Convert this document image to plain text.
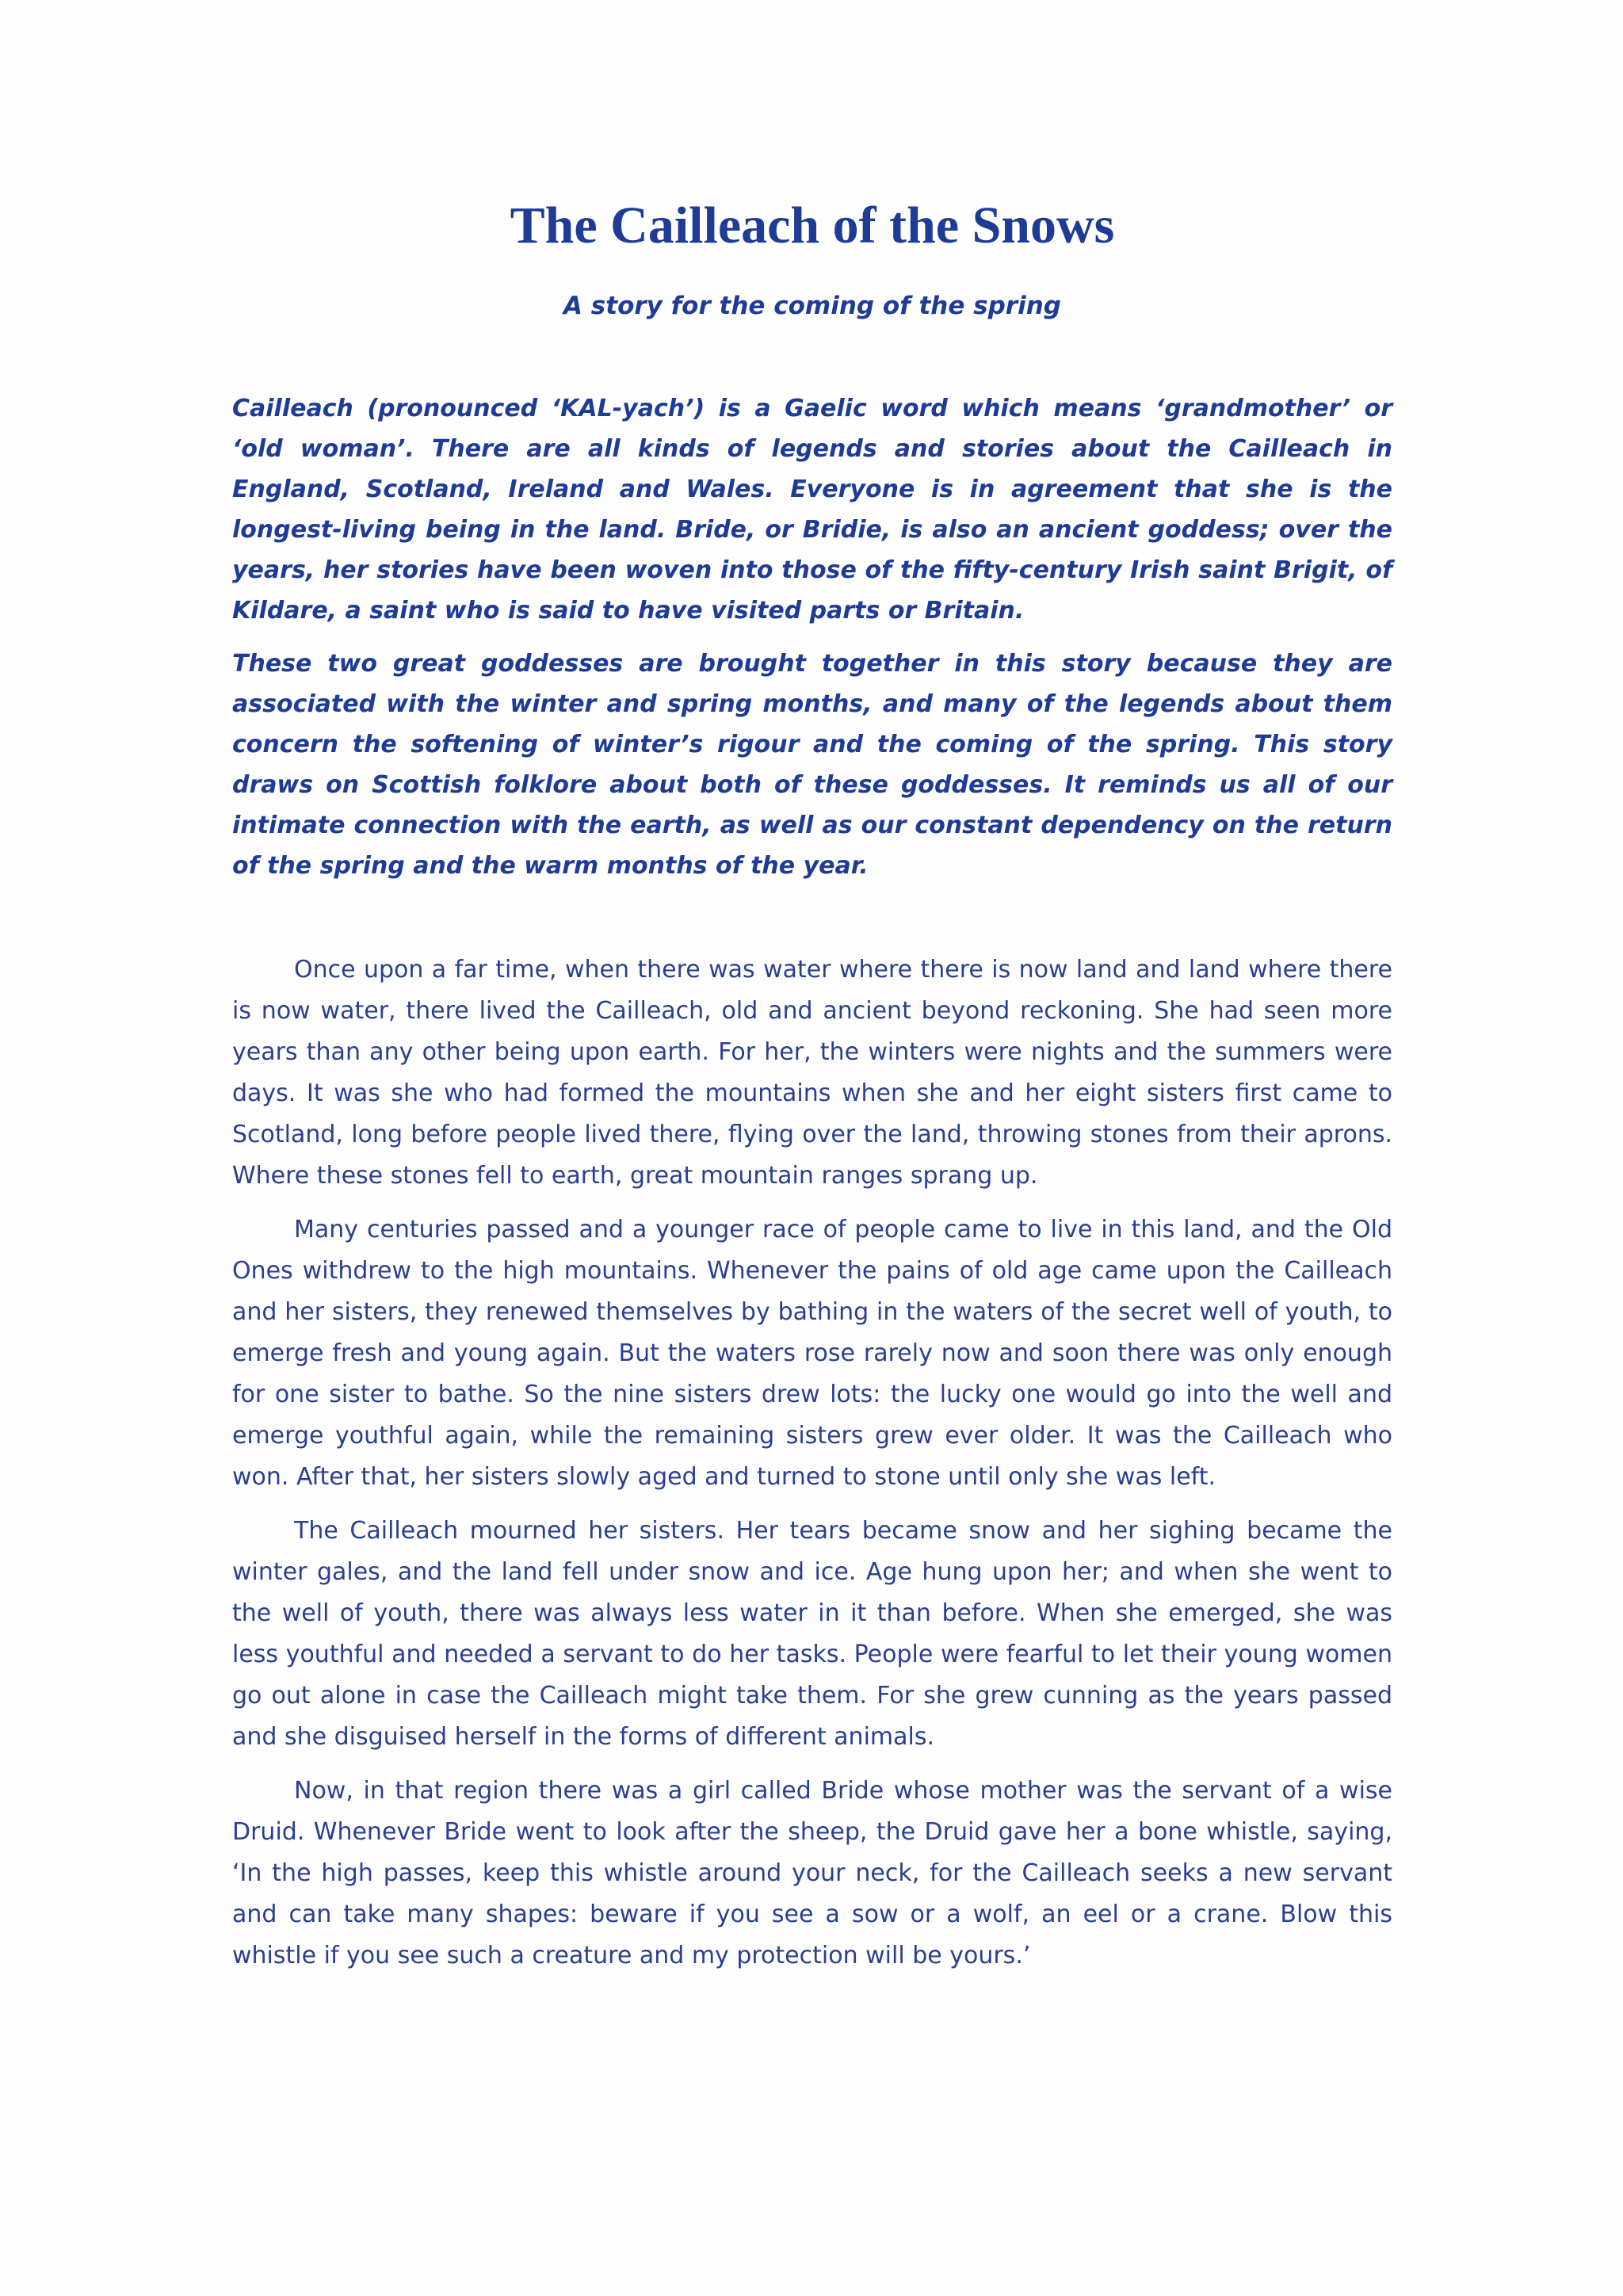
The Cailleach of the Snows
A story for the coming of the spring

Cailleach (pronounced ‘KAL-yach’) is a Gaelic word which means ‘grandmother’ or ‘old woman’. There are all kinds of legends and stories about the Cailleach in England, Scotland, Ireland and Wales. Everyone is in agreement that she is the longest-living being in the land. Bride, or Bridie, is also an ancient goddess; over the years, her stories have been woven into those of the fifty-century Irish saint Brigit, of Kildare, a saint who is said to have visited parts or Britain.

These two great goddesses are brought together in this story because they are associated with the winter and spring months, and many of the legends about them concern the softening of winter’s rigour and the coming of the spring. This story draws on Scottish folklore about both of these goddesses. It reminds us all of our intimate connection with the earth, as well as our constant dependency on the return of the spring and the warm months of the year.

Once upon a far time, when there was water where there is now land and land where there is now water, there lived the Cailleach, old and ancient beyond reckoning. She had seen more years than any other being upon earth. For her, the winters were nights and the summers were days. It was she who had formed the mountains when she and her eight sisters first came to Scotland, long before people lived there, flying over the land, throwing stones from their aprons. Where these stones fell to earth, great mountain ranges sprang up.

Many centuries passed and a younger race of people came to live in this land, and the Old Ones withdrew to the high mountains. Whenever the pains of old age came upon the Cailleach and her sisters, they renewed themselves by bathing in the waters of the secret well of youth, to emerge fresh and young again. But the waters rose rarely now and soon there was only enough for one sister to bathe. So the nine sisters drew lots: the lucky one would go into the well and emerge youthful again, while the remaining sisters grew ever older. It was the Cailleach who won. After that, her sisters slowly aged and turned to stone until only she was left.

The Cailleach mourned her sisters. Her tears became snow and her sighing became the winter gales, and the land fell under snow and ice. Age hung upon her; and when she went to the well of youth, there was always less water in it than before. When she emerged, she was less youthful and needed a servant to do her tasks. People were fearful to let their young women go out alone in case the Cailleach might take them. For she grew cunning as the years passed and she disguised herself in the forms of different animals.

Now, in that region there was a girl called Bride whose mother was the servant of a wise Druid. Whenever Bride went to look after the sheep, the Druid gave her a bone whistle, saying, ‘In the high passes, keep this whistle around your neck, for the Cailleach seeks a new servant and can take many shapes: beware if you see a sow or a wolf, an eel or a crane. Blow this whistle if you see such a creature and my protection will be yours.’
